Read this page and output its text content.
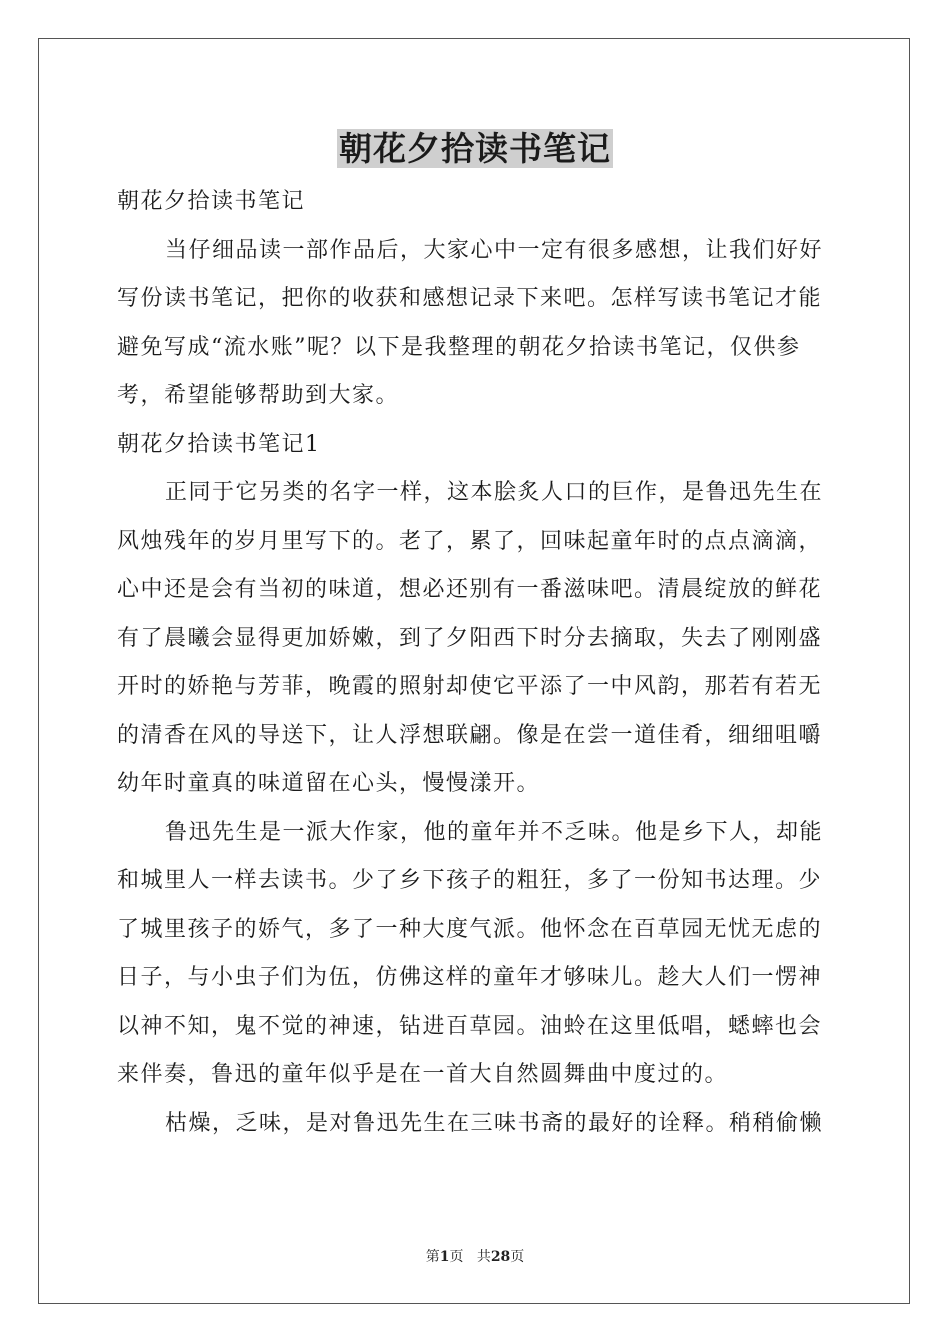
朝花夕拾读书笔记
朝花夕拾读书笔记
当仔细品读一部作品后，大家心中一定有很多感想，让我们好好
写份读书笔记，把你的收获和感想记录下来吧。怎样写读书笔记才能
避免写成“流水账”呢？以下是我整理的朝花夕拾读书笔记，仅供参
考，希望能够帮助到大家。
朝花夕拾读书笔记1
正同于它另类的名字一样，这本脍炙人口的巨作，是鲁迅先生在
风烛残年的岁月里写下的。老了，累了，回味起童年时的点点滴滴，
心中还是会有当初的味道，想必还别有一番滋味吧。清晨绽放的鲜花
有了晨曦会显得更加娇嫩，到了夕阳西下时分去摘取，失去了刚刚盛
开时的娇艳与芳菲，晚霞的照射却使它平添了一中风韵，那若有若无
的清香在风的导送下，让人浮想联翩。像是在尝一道佳肴，细细咀嚼
幼年时童真的味道留在心头，慢慢漾开。
鲁迅先生是一派大作家，他的童年并不乏味。他是乡下人，却能
和城里人一样去读书。少了乡下孩子的粗狂，多了一份知书达理。少
了城里孩子的娇气，多了一种大度气派。他怀念在百草园无忧无虑的
日子，与小虫子们为伍，仿佛这样的童年才够味儿。趁大人们一愣神
以神不知，鬼不觉的神速，钻进百草园。油蛉在这里低唱，蟋蟀也会
来伴奏，鲁迅的童年似乎是在一首大自然圆舞曲中度过的。
枯燥，乏味，是对鲁迅先生在三味书斋的最好的诠释。稍稍偷懒
第1页 共28页
